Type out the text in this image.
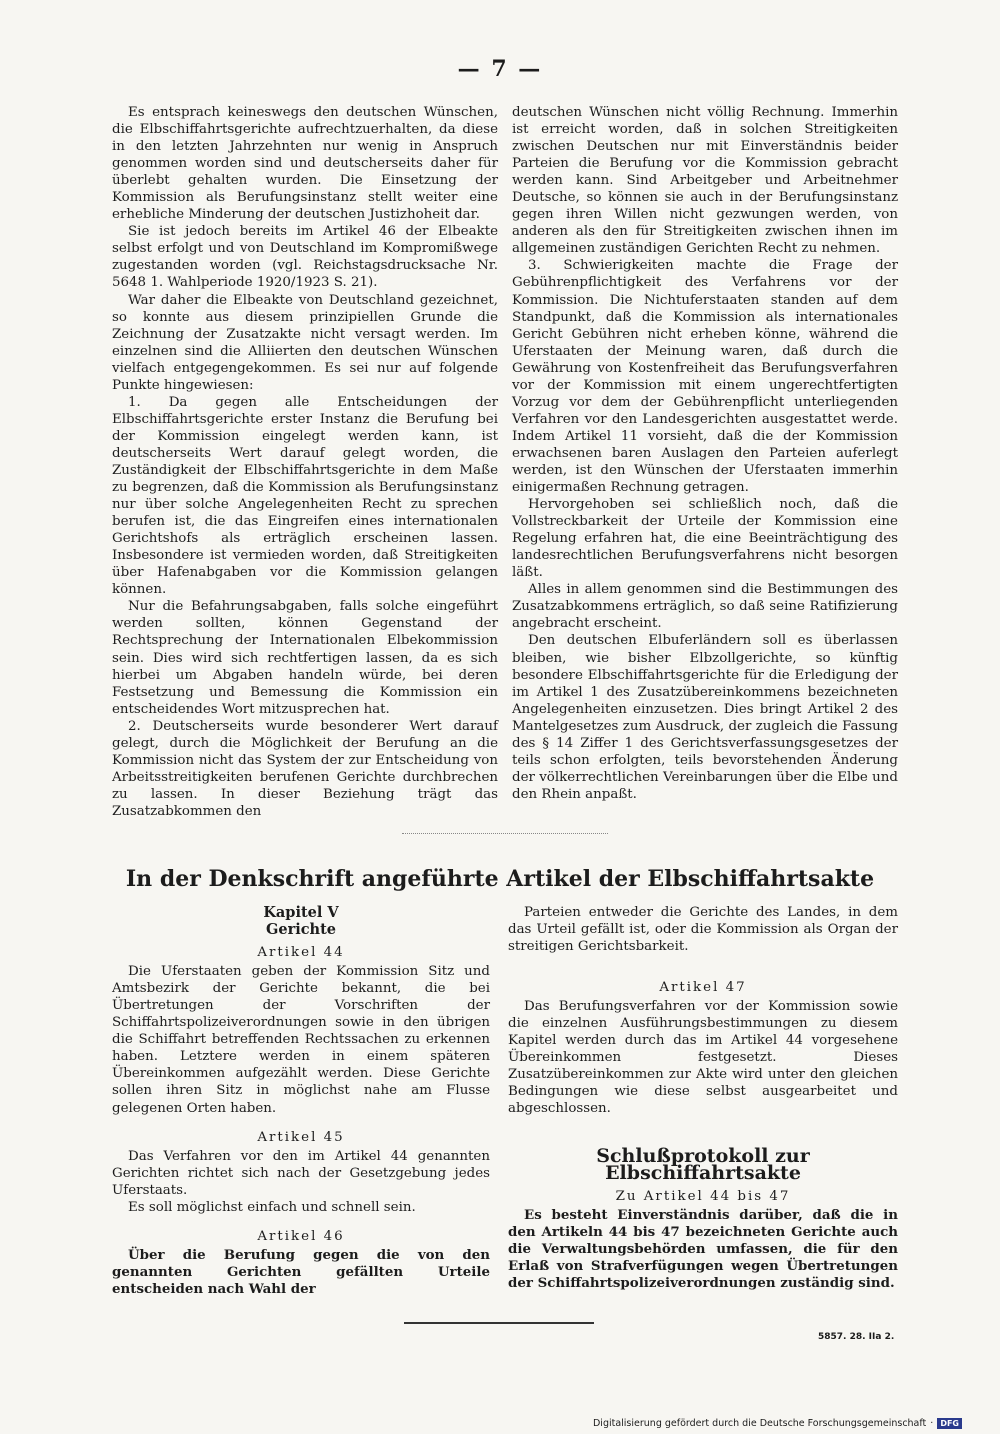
— 7 —

Es entsprach keineswegs den deutschen Wünschen, die Elbschiffahrtsgerichte aufrechtzuerhalten, da diese in den letzten Jahrzehnten nur wenig in Anspruch genommen worden sind und deutscherseits daher für überlebt gehalten wurden. Die Einsetzung der Kommission als Berufungsinstanz stellt weiter eine erhebliche Minderung der deutschen Justizhoheit dar.

Sie ist jedoch bereits im Artikel 46 der Elbeakte selbst erfolgt und von Deutschland im Kompromißwege zugestanden worden (vgl. Reichstagsdrucksache Nr. 5648 1. Wahlperiode 1920/1923 S. 21).

War daher die Elbeakte von Deutschland gezeichnet, so konnte aus diesem prinzipiellen Grunde die Zeichnung der Zusatzakte nicht versagt werden. Im einzelnen sind die Alliierten den deutschen Wünschen vielfach entgegengekommen. Es sei nur auf folgende Punkte hingewiesen:

1. Da gegen alle Entscheidungen der Elbschiffahrtsgerichte erster Instanz die Berufung bei der Kommission eingelegt werden kann, ist deutscherseits Wert darauf gelegt worden, die Zuständigkeit der Elbschiffahrtsgerichte in dem Maße zu begrenzen, daß die Kommission als Berufungsinstanz nur über solche Angelegenheiten Recht zu sprechen berufen ist, die das Eingreifen eines internationalen Gerichtshofs als erträglich erscheinen lassen. Insbesondere ist vermieden worden, daß Streitigkeiten über Hafenabgaben vor die Kommission gelangen können.

Nur die Befahrungsabgaben, falls solche eingeführt werden sollten, können Gegenstand der Rechtsprechung der Internationalen Elbekommission sein. Dies wird sich rechtfertigen lassen, da es sich hierbei um Abgaben handeln würde, bei deren Festsetzung und Bemessung die Kommission ein entscheidendes Wort mitzusprechen hat.

2. Deutscherseits wurde besonderer Wert darauf gelegt, durch die Möglichkeit der Berufung an die Kommission nicht das System der zur Entscheidung von Arbeitsstreitigkeiten berufenen Gerichte durchbrechen zu lassen. In dieser Beziehung trägt das Zusatzabkommen den

deutschen Wünschen nicht völlig Rechnung. Immerhin ist erreicht worden, daß in solchen Streitigkeiten zwischen Deutschen nur mit Einverständnis beider Parteien die Berufung vor die Kommission gebracht werden kann. Sind Arbeitgeber und Arbeitnehmer Deutsche, so können sie auch in der Berufungsinstanz gegen ihren Willen nicht gezwungen werden, von anderen als den für Streitigkeiten zwischen ihnen im allgemeinen zuständigen Gerichten Recht zu nehmen.

3. Schwierigkeiten machte die Frage der Gebührenpflichtigkeit des Verfahrens vor der Kommission. Die Nichtuferstaaten standen auf dem Standpunkt, daß die Kommission als internationales Gericht Gebühren nicht erheben könne, während die Uferstaaten der Meinung waren, daß durch die Gewährung von Kostenfreiheit das Berufungsverfahren vor der Kommission mit einem ungerechtfertigten Vorzug vor dem der Gebührenpflicht unterliegenden Verfahren vor den Landesgerichten ausgestattet werde. Indem Artikel 11 vorsieht, daß die der Kommission erwachsenen baren Auslagen den Parteien auferlegt werden, ist den Wünschen der Uferstaaten immerhin einigermaßen Rechnung getragen.

Hervorgehoben sei schließlich noch, daß die Vollstreckbarkeit der Urteile der Kommission eine Regelung erfahren hat, die eine Beeinträchtigung des landesrechtlichen Berufungsverfahrens nicht besorgen läßt.

Alles in allem genommen sind die Bestimmungen des Zusatzabkommens erträglich, so daß seine Ratifizierung angebracht erscheint.

Den deutschen Elbuferländern soll es überlassen bleiben, wie bisher Elbzollgerichte, so künftig besondere Elbschiffahrtsgerichte für die Erledigung der im Artikel 1 des Zusatzübereinkommens bezeichneten Angelegenheiten einzusetzen. Dies bringt Artikel 2 des Mantelgesetzes zum Ausdruck, der zugleich die Fassung des § 14 Ziffer 1 des Gerichtsverfassungsgesetzes der teils schon erfolgten, teils bevorstehenden Änderung der völkerrechtlichen Vereinbarungen über die Elbe und den Rhein anpaßt.

In der Denkschrift angeführte Artikel der Elbschiffahrtsakte

Kapitel V

Gerichte

Artikel 44

Die Uferstaaten geben der Kommission Sitz und Amtsbezirk der Gerichte bekannt, die bei Übertretungen der Vorschriften der Schiffahrtspolizeiverordnungen sowie in den übrigen die Schiffahrt betreffenden Rechtssachen zu erkennen haben. Letztere werden in einem späteren Übereinkommen aufgezählt werden. Diese Gerichte sollen ihren Sitz in möglichst nahe am Flusse gelegenen Orten haben.

Artikel 45

Das Verfahren vor den im Artikel 44 genannten Gerichten richtet sich nach der Gesetzgebung jedes Uferstaats.

Es soll möglichst einfach und schnell sein.

Artikel 46

Über die Berufung gegen die von den genannten Gerichten gefällten Urteile entscheiden nach Wahl der

Parteien entweder die Gerichte des Landes, in dem das Urteil gefällt ist, oder die Kommission als Organ der streitigen Gerichtsbarkeit.

Artikel 47

Das Berufungsverfahren vor der Kommission sowie die einzelnen Ausführungsbestimmungen zu diesem Kapitel werden durch das im Artikel 44 vorgesehene Übereinkommen festgesetzt. Dieses Zusatzübereinkommen zur Akte wird unter den gleichen Bedingungen wie diese selbst ausgearbeitet und abgeschlossen.

Schlußprotokoll zur Elbschiffahrtsakte
Zu Artikel 44 bis 47

Es besteht Einverständnis darüber, daß die in den Artikeln 44 bis 47 bezeichneten Gerichte auch die Verwaltungsbehörden umfassen, die für den Erlaß von Strafverfügungen wegen Übertretungen der Schiffahrtspolizeiverordnungen zuständig sind.

5857. 28. IIa 2.
Digitalisierung gefördert durch die Deutsche Forschungsgemeinschaft · DFG
